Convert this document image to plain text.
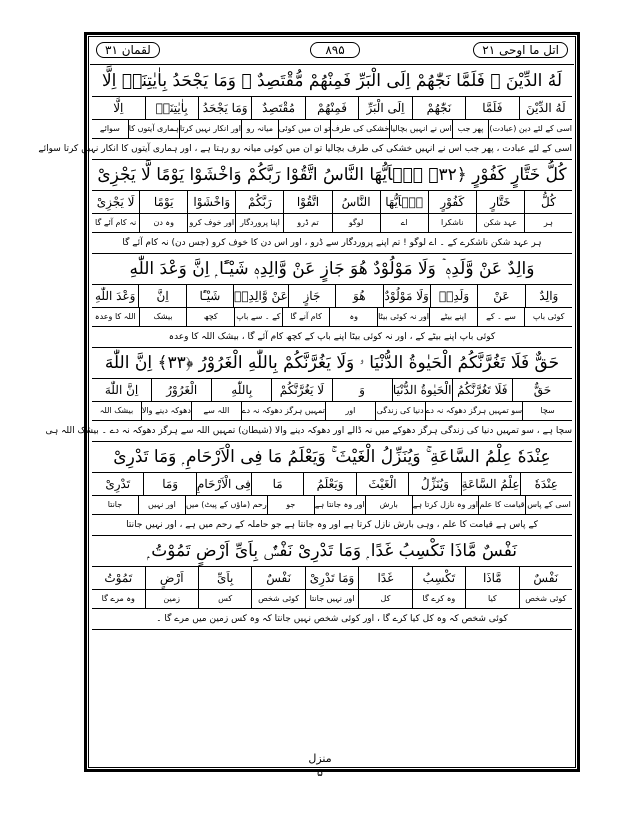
لقمان ۳۱	۸۹۵	اتل ما اوحی ۲۱
لَهُ الدِّیْنَ ۚ فَلَمَّا نَجّٰهُمْ اِلَى الْبَرِّ فَمِنْهُمْ مُّقْتَصِدٌ ۭ وَمَا یَجْحَدُ بِاٰیٰتِنَاۤ اِلَّا
لَهُ الدِّیْنَ
فَلَمَّا
نَجّٰهُمْ
اِلَى الْبَرِّ
فَمِنْهُمْ
مُقْتَصِدٌ
وَمَا یَجْحَدُ
بِاٰیٰتِنَاۤ
اِلَّا
اسی کے لئے دین (عبادت)
پھر جب
اس نے انہیں بچالیا
خشکی کی طرف
تو ان میں کوئی
میانہ رو
اور انکار نہیں کرتا
ہماری آیتوں کا
سوائے
اسی کے لئے عبادت ، پھر جب اس نے انہیں خشکی کی طرف بچالیا تو ان میں کوئی میانہ رو رہتا ہے ، اور ہماری آیتوں کا انکار نہیں کرتا سوائے
كُلُّ خَتَّارٍ كَفُوْرٍ ﴿۳۲﴾ یٰۤاَیُّهَا النَّاسُ اتَّقُوْا رَبَّكُمْ وَاخْشَوْا یَوْمًا لَّا یَجْزِیْ
كُلُّ
خَتَّارٍ
كَفُوْرٍ
یٰۤاَیُّهَا
النَّاسُ
اتَّقُوْا
رَبَّكُمْ
وَاخْشَوْا
یَوْمًا
لَا یَجْزِیْ
ہر
عہد شکن
ناشکرا
اے
لوگو
تم ڈرو
اپنا پروردگار
اور خوف کرو
وہ دن
نہ کام آئے گا
ہر عہد شکن ناشکرے کے ۔ اے لوگو ! تم اپنے پروردگار سے ڈرو ، اور اس دن کا خوف کرو (جس دن) نہ کام آئے گا
وَالِدٌ عَنْ وَّلَدِهٖ ۡ وَلَا مَوْلُوْدٌ هُوَ جَازٍ عَنْ وَّالِدِهٖ شَیْـًٔا ۭ اِنَّ وَعْدَ اللّٰهِ
وَالِدٌ
عَنْ
وَلَدِهٖ
وَلَا مَوْلُوْدٌ
هُوَ
جَازٍ
عَنْ وَّالِدِهٖ
شَیْـًٔا
اِنَّ
وَعْدَ اللّٰهِ
کوئی باپ
سے ۔ کے
اپنے بیٹے
اور نہ کوئی بیٹا
وہ
کام آنے گا
کے ۔ سے باپ
کچھ
بیشک
اللہ کا وعدہ
کوئی باپ اپنے بیٹے کے ، اور نہ کوئی بیٹا اپنے باپ کے کچھ کام آئے گا ، بیشک اللہ کا وعدہ
حَقٌّ فَلَا تَغُرَّنَّكُمُ الْحَیٰوةُ الدُّنْیَا ۥ وَلَا یَغُرَّنَّكُمْ بِاللّٰهِ الْغَرُوْرُ ﴿۳۳﴾ اِنَّ اللّٰهَ
حَقٌّ
فَلَا تَغُرَّنَّكُمُ
الْحَیٰوةُ الدُّنْیَا
وَ
لَا یَغُرَّنَّكُمْ
بِاللّٰهِ
الْغَرُوْرُ
اِنَّ اللّٰهَ
سچا
سو تمہیں ہرگز دھوکہ نہ دے
دنیا کی زندگی
اور
تمہیں ہرگز دھوکہ نہ دے
اللہ سے
دھوکہ دینے والا
بیشک اللہ
سچا ہے ، سو تمہیں دنیا کی زندگی ہرگز دھوکے میں نہ ڈالے اور دھوکہ دینے والا (شیطان) تمہیں اللہ سے ہرگز دھوکہ نہ دے ۔ بیشک اللہ ہی
عِنْدَهٗ عِلْمُ السَّاعَةِ ۚ وَیُنَزِّلُ الْغَیْثَ ۚ وَیَعْلَمُ مَا فِی الْاَرْحَامِ ۭ وَمَا تَدْرِیْ
عِنْدَهٗ
عِلْمُ السَّاعَةِ
وَیُنَزِّلُ
الْغَیْثَ
وَیَعْلَمُ
مَا
فِی الْاَرْحَامِ
وَمَا
تَدْرِیْ
اسی کے پاس
قیامت کا علم
اور وہ نازل کرتا ہے
بارش
اور وہ جانتا ہے
جو
رحم (ماؤں کے پیٹ) میں
اور نہیں
جانتا
کے پاس ہے قیامت کا علم ، وہی بارش نازل کرتا ہے اور وہ جانتا ہے جو حاملہ کے رحم میں ہے ، اور نہیں جانتا
نَفْسٌ مَّاذَا تَكْسِبُ غَدًا ۭ وَمَا تَدْرِیْ نَفْسٌۢ بِاَیِّ اَرْضٍ تَمُوْتُ ۭ
نَفْسٌ
مَّاذَا
تَكْسِبُ
غَدًا
وَمَا تَدْرِیْ
نَفْسٌ
بِاَیِّ
اَرْضٍ
تَمُوْتُ
کوئی شخص
کیا
وہ کرے گا
کل
اور نہیں جانتا
کوئی شخص
کس
زمین
وہ مرے گا
کوئی شخص کہ وہ کل کیا کرے گا ، اور کوئی شخص نہیں جانتا کہ وہ کس زمین میں مرے گا ۔
منزل
۵
